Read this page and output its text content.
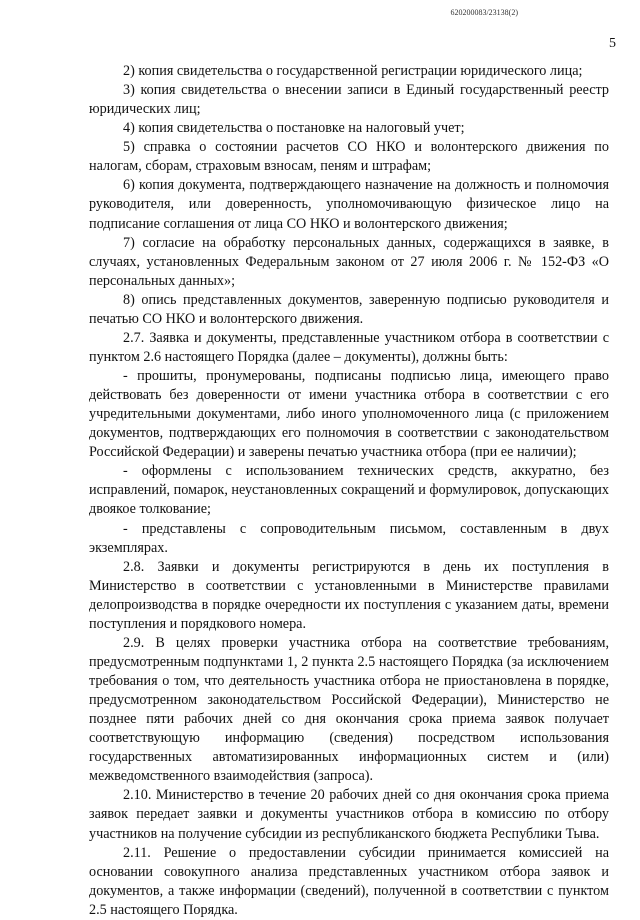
620200083/23138(2)
5

2) копия свидетельства о государственной регистрации юридического лица;

3) копия свидетельства о внесении записи в Единый государственный реестр юридических лиц;

4) копия свидетельства о постановке на налоговый учет;

5) справка о состоянии расчетов СО НКО и волонтерского движения по налогам, сборам, страховым взносам, пеням и штрафам;

6) копия документа, подтверждающего назначение на должность и полномочия руководителя, или доверенность, уполномочивающую физическое лицо на подписание соглашения от лица СО НКО и волонтерского движения;

7) согласие на обработку персональных данных, содержащихся в заявке, в случаях, установленных Федеральным законом от 27 июля 2006 г. № 152-ФЗ «О персональных данных»;

8) опись представленных документов, заверенную подписью руководителя и печатью СО НКО и волонтерского движения.

2.7. Заявка и документы, представленные участником отбора в соответствии с пунктом 2.6 настоящего Порядка (далее – документы), должны быть:

- прошиты, пронумерованы, подписаны подписью лица, имеющего право действовать без доверенности от имени участника отбора в соответствии с его учредительными документами, либо иного уполномоченного лица (с приложением документов, подтверждающих его полномочия в соответствии с законодательством Российской Федерации) и заверены печатью участника отбора (при ее наличии);

- оформлены с использованием технических средств, аккуратно, без исправлений, помарок, неустановленных сокращений и формулировок, допускающих двоякое толкование;

- представлены с сопроводительным письмом, составленным в двух экземплярах.

2.8. Заявки и документы регистрируются в день их поступления в Министерство в соответствии с установленными в Министерстве правилами делопроизводства в порядке очередности их поступления с указанием даты, времени поступления и порядкового номера.

2.9. В целях проверки участника отбора на соответствие требованиям, предусмотренным подпунктами 1, 2 пункта 2.5 настоящего Порядка (за исключением требования о том, что деятельность участника отбора не приостановлена в порядке, предусмотренном законодательством Российской Федерации), Министерство не позднее пяти рабочих дней со дня окончания срока приема заявок получает соответствующую информацию (сведения) посредством использования государственных автоматизированных информационных систем и (или) межведомственного взаимодействия (запроса).

2.10. Министерство в течение 20 рабочих дней со дня окончания срока приема заявок передает заявки и документы участников отбора в комиссию по отбору участников на получение субсидии из республиканского бюджета Республики Тыва.

2.11. Решение о предоставлении субсидии принимается комиссией на основании совокупного анализа представленных участником отбора заявок и документов, а также информации (сведений), полученной в соответствии с пунктом 2.5 настоящего Порядка.
